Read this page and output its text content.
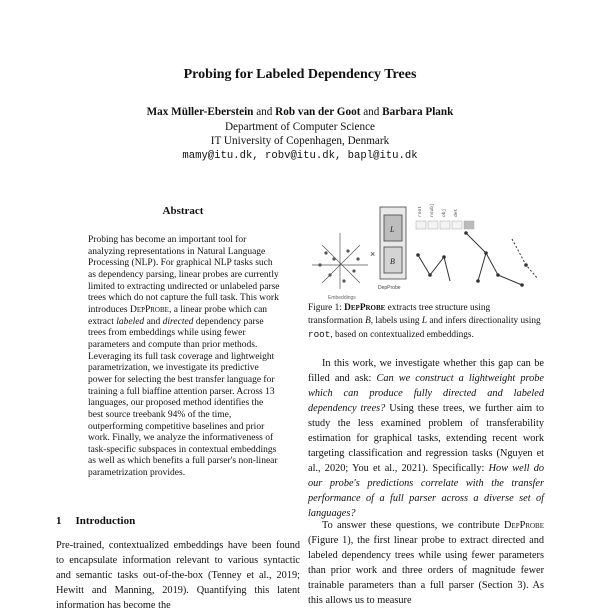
Probing for Labeled Dependency Trees
Max Müller-Eberstein and Rob van der Goot and Barbara Plank
Department of Computer Science
IT University of Copenhagen, Denmark
mamy@itu.dk, robv@itu.dk, bapl@itu.dk
Abstract
Probing has become an important tool for analyzing representations in Natural Language Processing (NLP). For graphical NLP tasks such as dependency parsing, linear probes are currently limited to extracting undirected or unlabeled parse trees which do not capture the full task. This work introduces DepProbe, a linear probe which can extract labeled and directed dependency parse trees from embeddings while using fewer parameters and compute than prior methods. Leveraging its full task coverage and lightweight parametrization, we investigate its predictive power for selecting the best transfer language for training a full biaffine attention parser. Across 13 languages, our proposed method identifies the best source treebank 94% of the time, outperforming competitive baselines and prior work. Finally, we analyze the informativeness of task-specific subspaces in contextual embeddings as well as which benefits a full parser's non-linear parametrization provides.
1 Introduction
Pre-trained, contextualized embeddings have been found to encapsulate information relevant to various syntactic and semantic tasks out-of-the-box (Tenney et al., 2019; Hewitt and Manning, 2019). Quantifying this latent information has become the
Embeddings
×
L
B
DepProbe
root nsubj obj det
Figure 1: DepProbe extracts tree structure using transformation B, labels using L and infers directionality using root, based on contextualized embeddings.
In this work, we investigate whether this gap can be filled and ask: Can we construct a lightweight probe which can produce fully directed and labeled dependency trees? Using these trees, we further aim to study the less examined problem of transferability estimation for graphical tasks, extending recent work targeting classification and regression tasks (Nguyen et al., 2020; You et al., 2021). Specifically: How well do our probe's predictions correlate with the transfer performance of a full parser across a diverse set of languages?
To answer these questions, we contribute DepProbe (Figure 1), the first linear probe to extract directed and labeled dependency trees while using fewer parameters than prior work and three orders of magnitude fewer trainable parameters than a full parser (Section 3). As this allows us to measure
